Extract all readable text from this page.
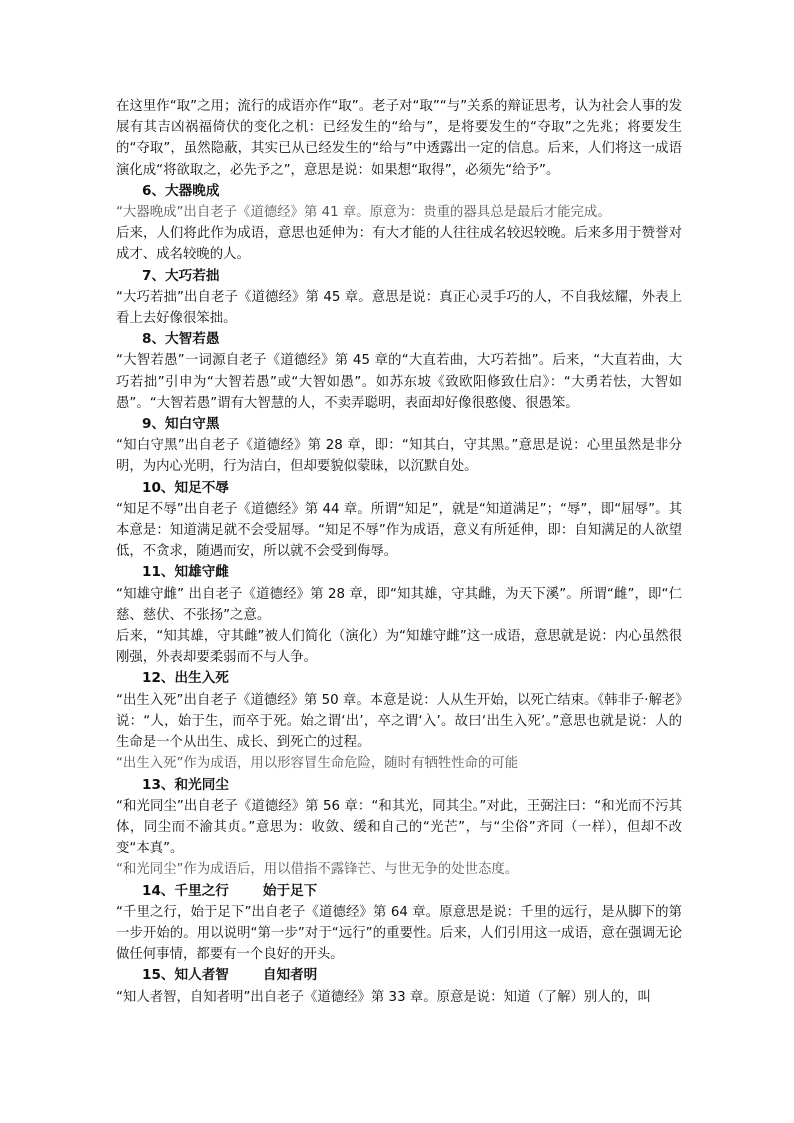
在这里作“取”之用；流行的成语亦作“取”。老子对“取”“与”关系的辩证思考，认为社会人事的发展有其吉凶祸福倚伏的变化之机：已经发生的“给与”，是将要发生的“夺取”之先兆；将要发生的“夺取”，虽然隐蔽，其实已从已经发生的“给与”中透露出一定的信息。后来，人们将这一成语演化成“将欲取之，必先予之”，意思是说：如果想“取得”，必须先“给予”。

6、大器晚成

“大器晚成”出自老子《道德经》第 41 章。原意为：贵重的器具总是最后才能完成。

后来，人们将此作为成语，意思也延伸为：有大才能的人往往成名较迟较晚。后来多用于赞誉对成才、成名较晚的人。

7、大巧若拙

“大巧若拙”出自老子《道德经》第 45 章。意思是说：真正心灵手巧的人，不自我炫耀，外表上看上去好像很笨拙。

8、大智若愚

“大智若愚”一词源自老子《道德经》第 45 章的“大直若曲，大巧若拙”。后来，“大直若曲，大巧若拙”引申为“大智若愚”或“大智如愚”。如苏东坡《致欧阳修致仕启》：“大勇若怯，大智如愚”。“大智若愚”谓有大智慧的人，不卖弄聪明，表面却好像很憨傻、很愚笨。

9、知白守黑

“知白守黑”出自老子《道德经》第 28 章，即：“知其白，守其黑。”意思是说：心里虽然是非分明，为内心光明，行为洁白，但却要貌似蒙昧，以沉默自处。

10、知足不辱

“知足不辱”出自老子《道德经》第 44 章。所谓“知足”，就是“知道满足”；“辱”，即“屈辱”。其本意是：知道满足就不会受屈辱。“知足不辱”作为成语，意义有所延伸，即：自知满足的人欲望低，不贪求，随遇而安，所以就不会受到侮辱。

11、知雄守雌

“知雄守雌” 出自老子《道德经》第 28 章，即“知其雄，守其雌，为天下溪”。所谓“雌”，即“仁慈、慈伏、不张扬”之意。

后来，“知其雄，守其雌”被人们简化（演化）为“知雄守雌”这一成语，意思就是说：内心虽然很刚强，外表却要柔弱而不与人争。

12、出生入死

“出生入死”出自老子《道德经》第 50 章。本意是说：人从生开始，以死亡结束。《韩非子·解老》说：“人，始于生，而卒于死。始之谓‘出’，卒之谓‘入’。故曰‘出生入死’。”意思也就是说：人的生命是一个从出生、成长、到死亡的过程。

“出生入死”作为成语，用以形容冒生命危险，随时有牺牲性命的可能

13、和光同尘

“和光同尘”出自老子《道德经》第 56 章：“和其光，同其尘。”对此，王弼注曰：“和光而不污其体，同尘而不渝其贞。”意思为：收敛、缓和自己的“光芒”，与“尘俗”齐同（一样），但却不改变“本真”。

“和光同尘”作为成语后，用以借指不露锋芒、与世无争的处世态度。

14、千里之行	始于足下

“千里之行，始于足下”出自老子《道德经》第 64 章。原意思是说：千里的远行，是从脚下的第一步开始的。用以说明“第一步”对于“远行”的重要性。后来，人们引用这一成语，意在强调无论做任何事情，都要有一个良好的开头。

15、知人者智	自知者明

“知人者智，自知者明”出自老子《道德经》第 33 章。原意是说：知道（了解）别人的，叫
